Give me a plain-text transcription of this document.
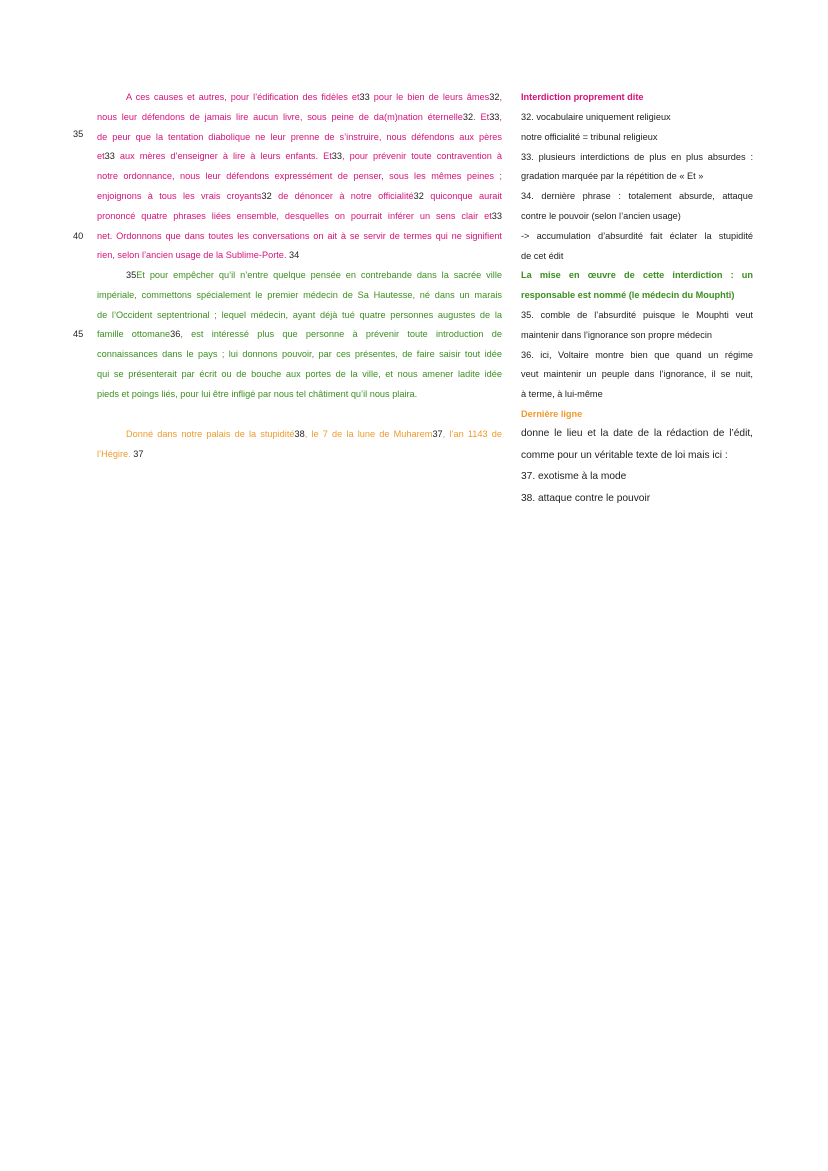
35
40
45
A ces causes et autres, pour l’édification des fidèles et33 pour le bien de leurs âmes32,
nous leur défendons de jamais lire aucun livre, sous peine de da(m)nation éternelle32. Et33,
de peur que la tentation diabolique ne leur prenne de s’instruire, nous défendons aux pères
et33 aux mères d’enseigner à lire à leurs enfants. Et33, pour prévenir toute contravention à
notre ordonnance, nous leur défendons expressément de penser, sous les mêmes peines ;
enjoignons à tous les vrais croyants32 de dénoncer à notre officialité32 quiconque aurait
prononcé quatre phrases liées ensemble, desquelles on pourrait inférer un sens clair et33
net. Ordonnons que dans toutes les conversations on ait à se servir de termes qui ne signifient
rien, selon l’ancien usage de la Sublime-Porte. 34
35Et pour empêcher qu’il n’entre quelque pensée en contrebande dans la sacrée ville
impériale, commettons spécialement le premier médecin de Sa Hautesse, né dans un marais
de l’Occident septentrional ; lequel médecin, ayant déjà tué quatre personnes augustes de la
famille ottomane36, est intéressé plus que personne à prévenir toute introduction de
connaissances dans le pays ; lui donnons pouvoir, par ces présentes, de faire saisir tout idée
qui se présenterait par écrit ou de bouche aux portes de la ville, et nous amener ladite idée
pieds et poings liés, pour lui être infligé par nous tel châtiment qu’il nous plaira.
Donné dans notre palais de la stupidité38, le 7 de la lune de Muharem37, l’an 1143 de
l’Hégire. 37
Interdiction proprement dite
32. vocabulaire uniquement religieux
notre officialité = tribunal religieux
33. plusieurs interdictions de plus en plus absurdes :
gradation marquée par la répétition de « Et »
34. dernière phrase : totalement absurde, attaque
contre le pouvoir (selon l’ancien usage)
-> accumulation d’absurdité fait éclater la stupidité
de cet édit
La mise en œuvre de cette interdiction : un
responsable est nommé (le médecin du Mouphti)
35. comble de l’absurdité puisque le Mouphti veut
maintenir dans l’ignorance son propre médecin
36. ici, Voltaire montre bien que quand un régime
veut maintenir un peuple dans l’ignorance, il se nuit,
à terme, à lui-même
Dernière ligne
donne le lieu et la date de la rédaction de l’édit,
comme pour un véritable texte de loi mais ici :
37. exotisme à la mode
38. attaque contre le pouvoir
